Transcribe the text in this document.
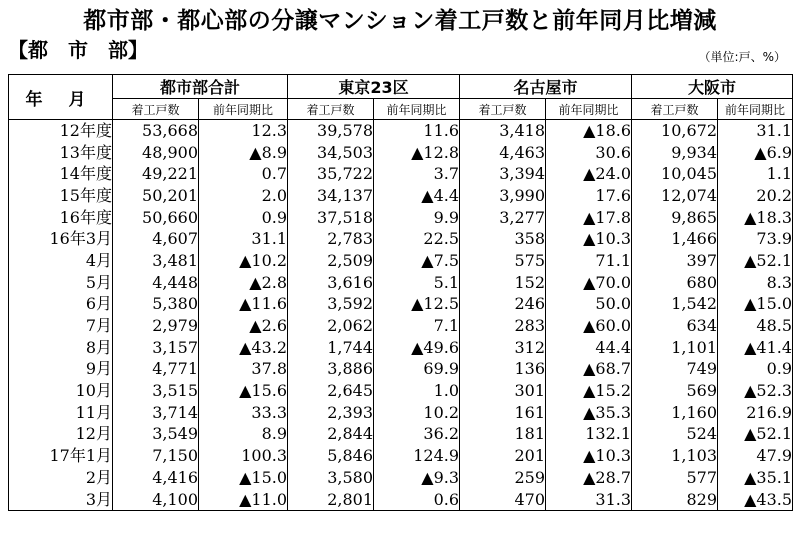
都市部・都心部の分譲マンション着工戸数と前年同月比増減
【都　市　部】	（単位:戸、%）
年 月	都市部合計		東京23区		名古屋市		大阪市	
	着工戸数	前年同期比	着工戸数	前年同期比	着工戸数	前年同期比	着工戸数	前年同期比
12年度	53,668	12.3	39,578	11.6	3,418	▲18.6	10,672	31.1
13年度	48,900	▲8.9	34,503	▲12.8	4,463	30.6	9,934	▲6.9
14年度	49,221	0.7	35,722	3.7	3,394	▲24.0	10,045	1.1
15年度	50,201	2.0	34,137	▲4.4	3,990	17.6	12,074	20.2
16年度	50,660	0.9	37,518	9.9	3,277	▲17.8	9,865	▲18.3
16年3月	4,607	31.1	2,783	22.5	358	▲10.3	1,466	73.9
4月	3,481	▲10.2	2,509	▲7.5	575	71.1	397	▲52.1
5月	4,448	▲2.8	3,616	5.1	152	▲70.0	680	8.3
6月	5,380	▲11.6	3,592	▲12.5	246	50.0	1,542	▲15.0
7月	2,979	▲2.6	2,062	7.1	283	▲60.0	634	48.5
8月	3,157	▲43.2	1,744	▲49.6	312	44.4	1,101	▲41.4
9月	4,771	37.8	3,886	69.9	136	▲68.7	749	0.9
10月	3,515	▲15.6	2,645	1.0	301	▲15.2	569	▲52.3
11月	3,714	33.3	2,393	10.2	161	▲35.3	1,160	216.9
12月	3,549	8.9	2,844	36.2	181	132.1	524	▲52.1
17年1月	7,150	100.3	5,846	124.9	201	▲10.3	1,103	47.9
2月	4,416	▲15.0	3,580	▲9.3	259	▲28.7	577	▲35.1
3月	4,100	▲11.0	2,801	0.6	470	31.3	829	▲43.5
